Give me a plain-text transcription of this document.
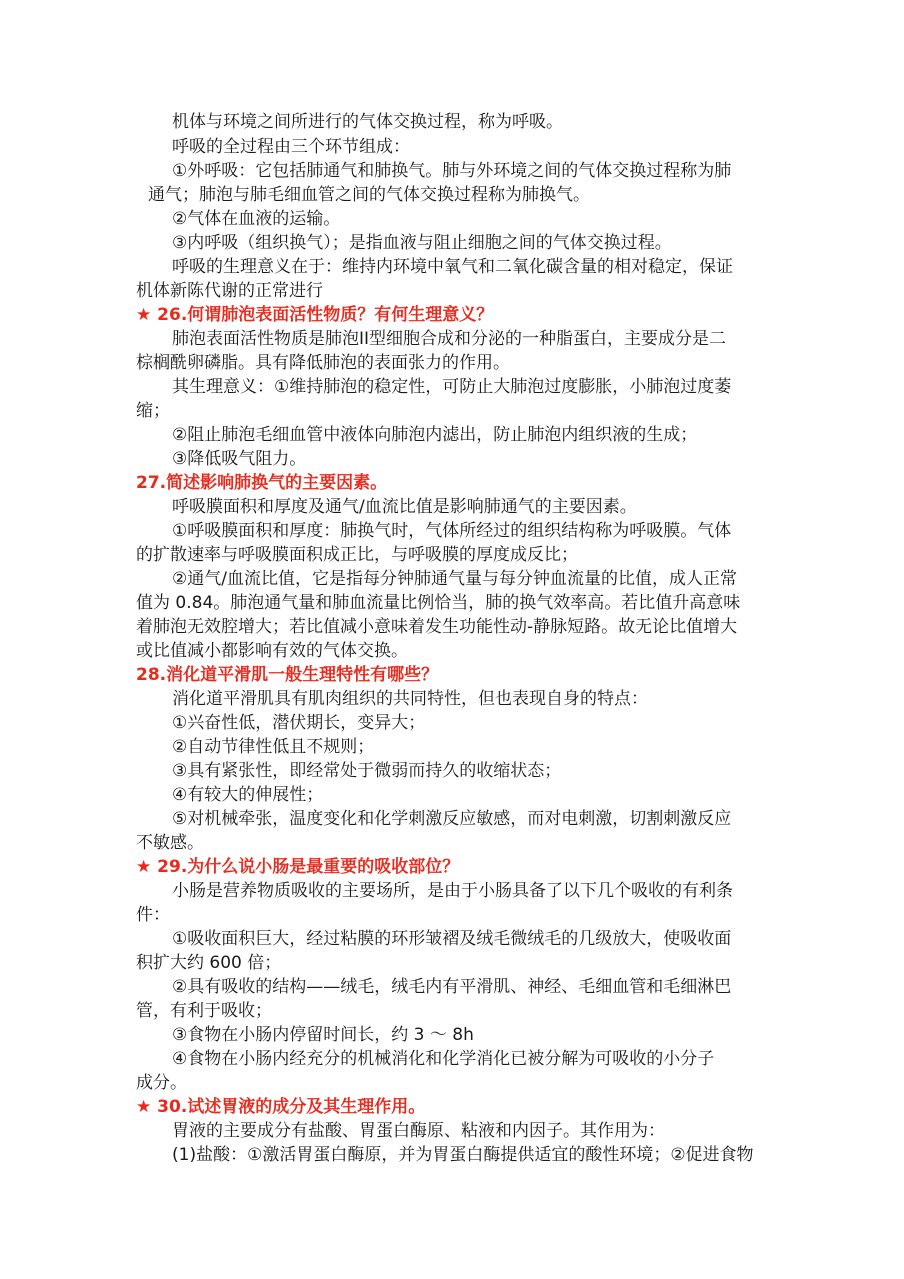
机体与环境之间所进行的气体交换过程，称为呼吸。
呼吸的全过程由三个环节组成：
①外呼吸：它包括肺通气和肺换气。肺与外环境之间的气体交换过程称为肺
通气；肺泡与肺毛细血管之间的气体交换过程称为肺换气。
②气体在血液的运输。
③内呼吸（组织换气）；是指血液与阻止细胞之间的气体交换过程。
呼吸的生理意义在于：维持内环境中氧气和二氧化碳含量的相对稳定，保证
机体新陈代谢的正常进行
★ 26.何谓肺泡表面活性物质？有何生理意义？
肺泡表面活性物质是肺泡II型细胞合成和分泌的一种脂蛋白，主要成分是二
棕榈酰卵磷脂。具有降低肺泡的表面张力的作用。
其生理意义：①维持肺泡的稳定性，可防止大肺泡过度膨胀，小肺泡过度萎
缩；
②阻止肺泡毛细血管中液体向肺泡内滤出，防止肺泡内组织液的生成；
③降低吸气阻力。
27.简述影响肺换气的主要因素。
呼吸膜面积和厚度及通气/血流比值是影响肺通气的主要因素。
①呼吸膜面积和厚度：肺换气时，气体所经过的组织结构称为呼吸膜。气体
的扩散速率与呼吸膜面积成正比，与呼吸膜的厚度成反比；
②通气/血流比值，它是指每分钟肺通气量与每分钟血流量的比值，成人正常
值为 0.84。肺泡通气量和肺血流量比例恰当，肺的换气效率高。若比值升高意味
着肺泡无效腔增大；若比值减小意味着发生功能性动-静脉短路。故无论比值增大
或比值减小都影响有效的气体交换。
28.消化道平滑肌一般生理特性有哪些？
消化道平滑肌具有肌肉组织的共同特性，但也表现自身的特点：
①兴奋性低，潜伏期长，变异大；
②自动节律性低且不规则；
③具有紧张性，即经常处于微弱而持久的收缩状态；
④有较大的伸展性；
⑤对机械牵张，温度变化和化学刺激反应敏感，而对电刺激，切割刺激反应
不敏感。
★ 29.为什么说小肠是最重要的吸收部位？
小肠是营养物质吸收的主要场所，是由于小肠具备了以下几个吸收的有利条
件：
①吸收面积巨大，经过粘膜的环形皱褶及绒毛微绒毛的几级放大，使吸收面
积扩大约 600 倍；
②具有吸收的结构——绒毛，绒毛内有平滑肌、神经、毛细血管和毛细淋巴
管，有利于吸收；
③食物在小肠内停留时间长，约 3 ～ 8h
④食物在小肠内经充分的机械消化和化学消化已被分解为可吸收的小分子
成分。
★ 30.试述胃液的成分及其生理作用。
胃液的主要成分有盐酸、胃蛋白酶原、粘液和内因子。其作用为：
(1)盐酸：①激活胃蛋白酶原，并为胃蛋白酶提供适宜的酸性环境；②促进食物
